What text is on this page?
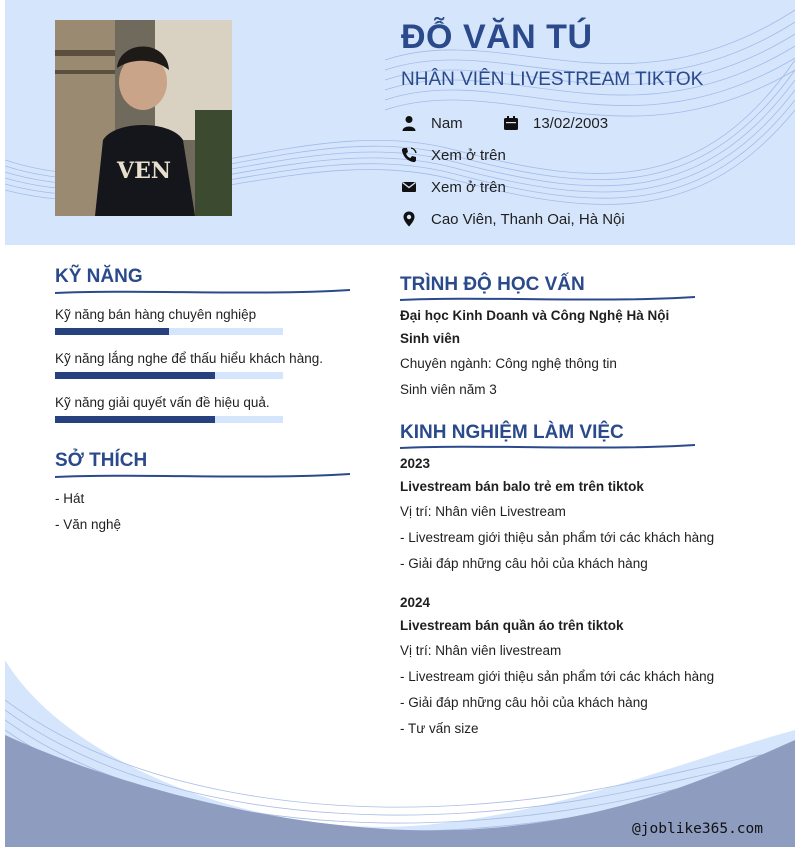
VEN
ĐỖ VĂN TÚ
NHÂN VIÊN LIVESTREAM TIKTOK
Nam	13/02/2003
Xem ở trên
Xem ở trên
Cao Viên, Thanh Oai, Hà Nội
@joblike365.com
KỸ NĂNG
Kỹ năng bán hàng chuyên nghiệp
Kỹ năng lắng nghe để thấu hiểu khách hàng.
Kỹ năng giải quyết vấn đề hiệu quả.
SỞ THÍCH
- Hát
- Văn nghệ
TRÌNH ĐỘ HỌC VẤN
Đại học Kinh Doanh và Công Nghệ Hà Nội
Sinh viên
Chuyên ngành: Công nghệ thông tin
Sinh viên năm 3
KINH NGHIỆM LÀM VIỆC
2023
Livestream bán balo trẻ em trên tiktok
Vị trí: Nhân viên Livestream
- Livestream giới thiệu sản phẩm tới các khách hàng
- Giải đáp những câu hỏi của khách hàng
2024
Livestream bán quần áo trên tiktok
Vị trí: Nhân viên livestream
- Livestream giới thiệu sản phẩm tới các khách hàng
- Giải đáp những câu hỏi của khách hàng
- Tư vấn size
